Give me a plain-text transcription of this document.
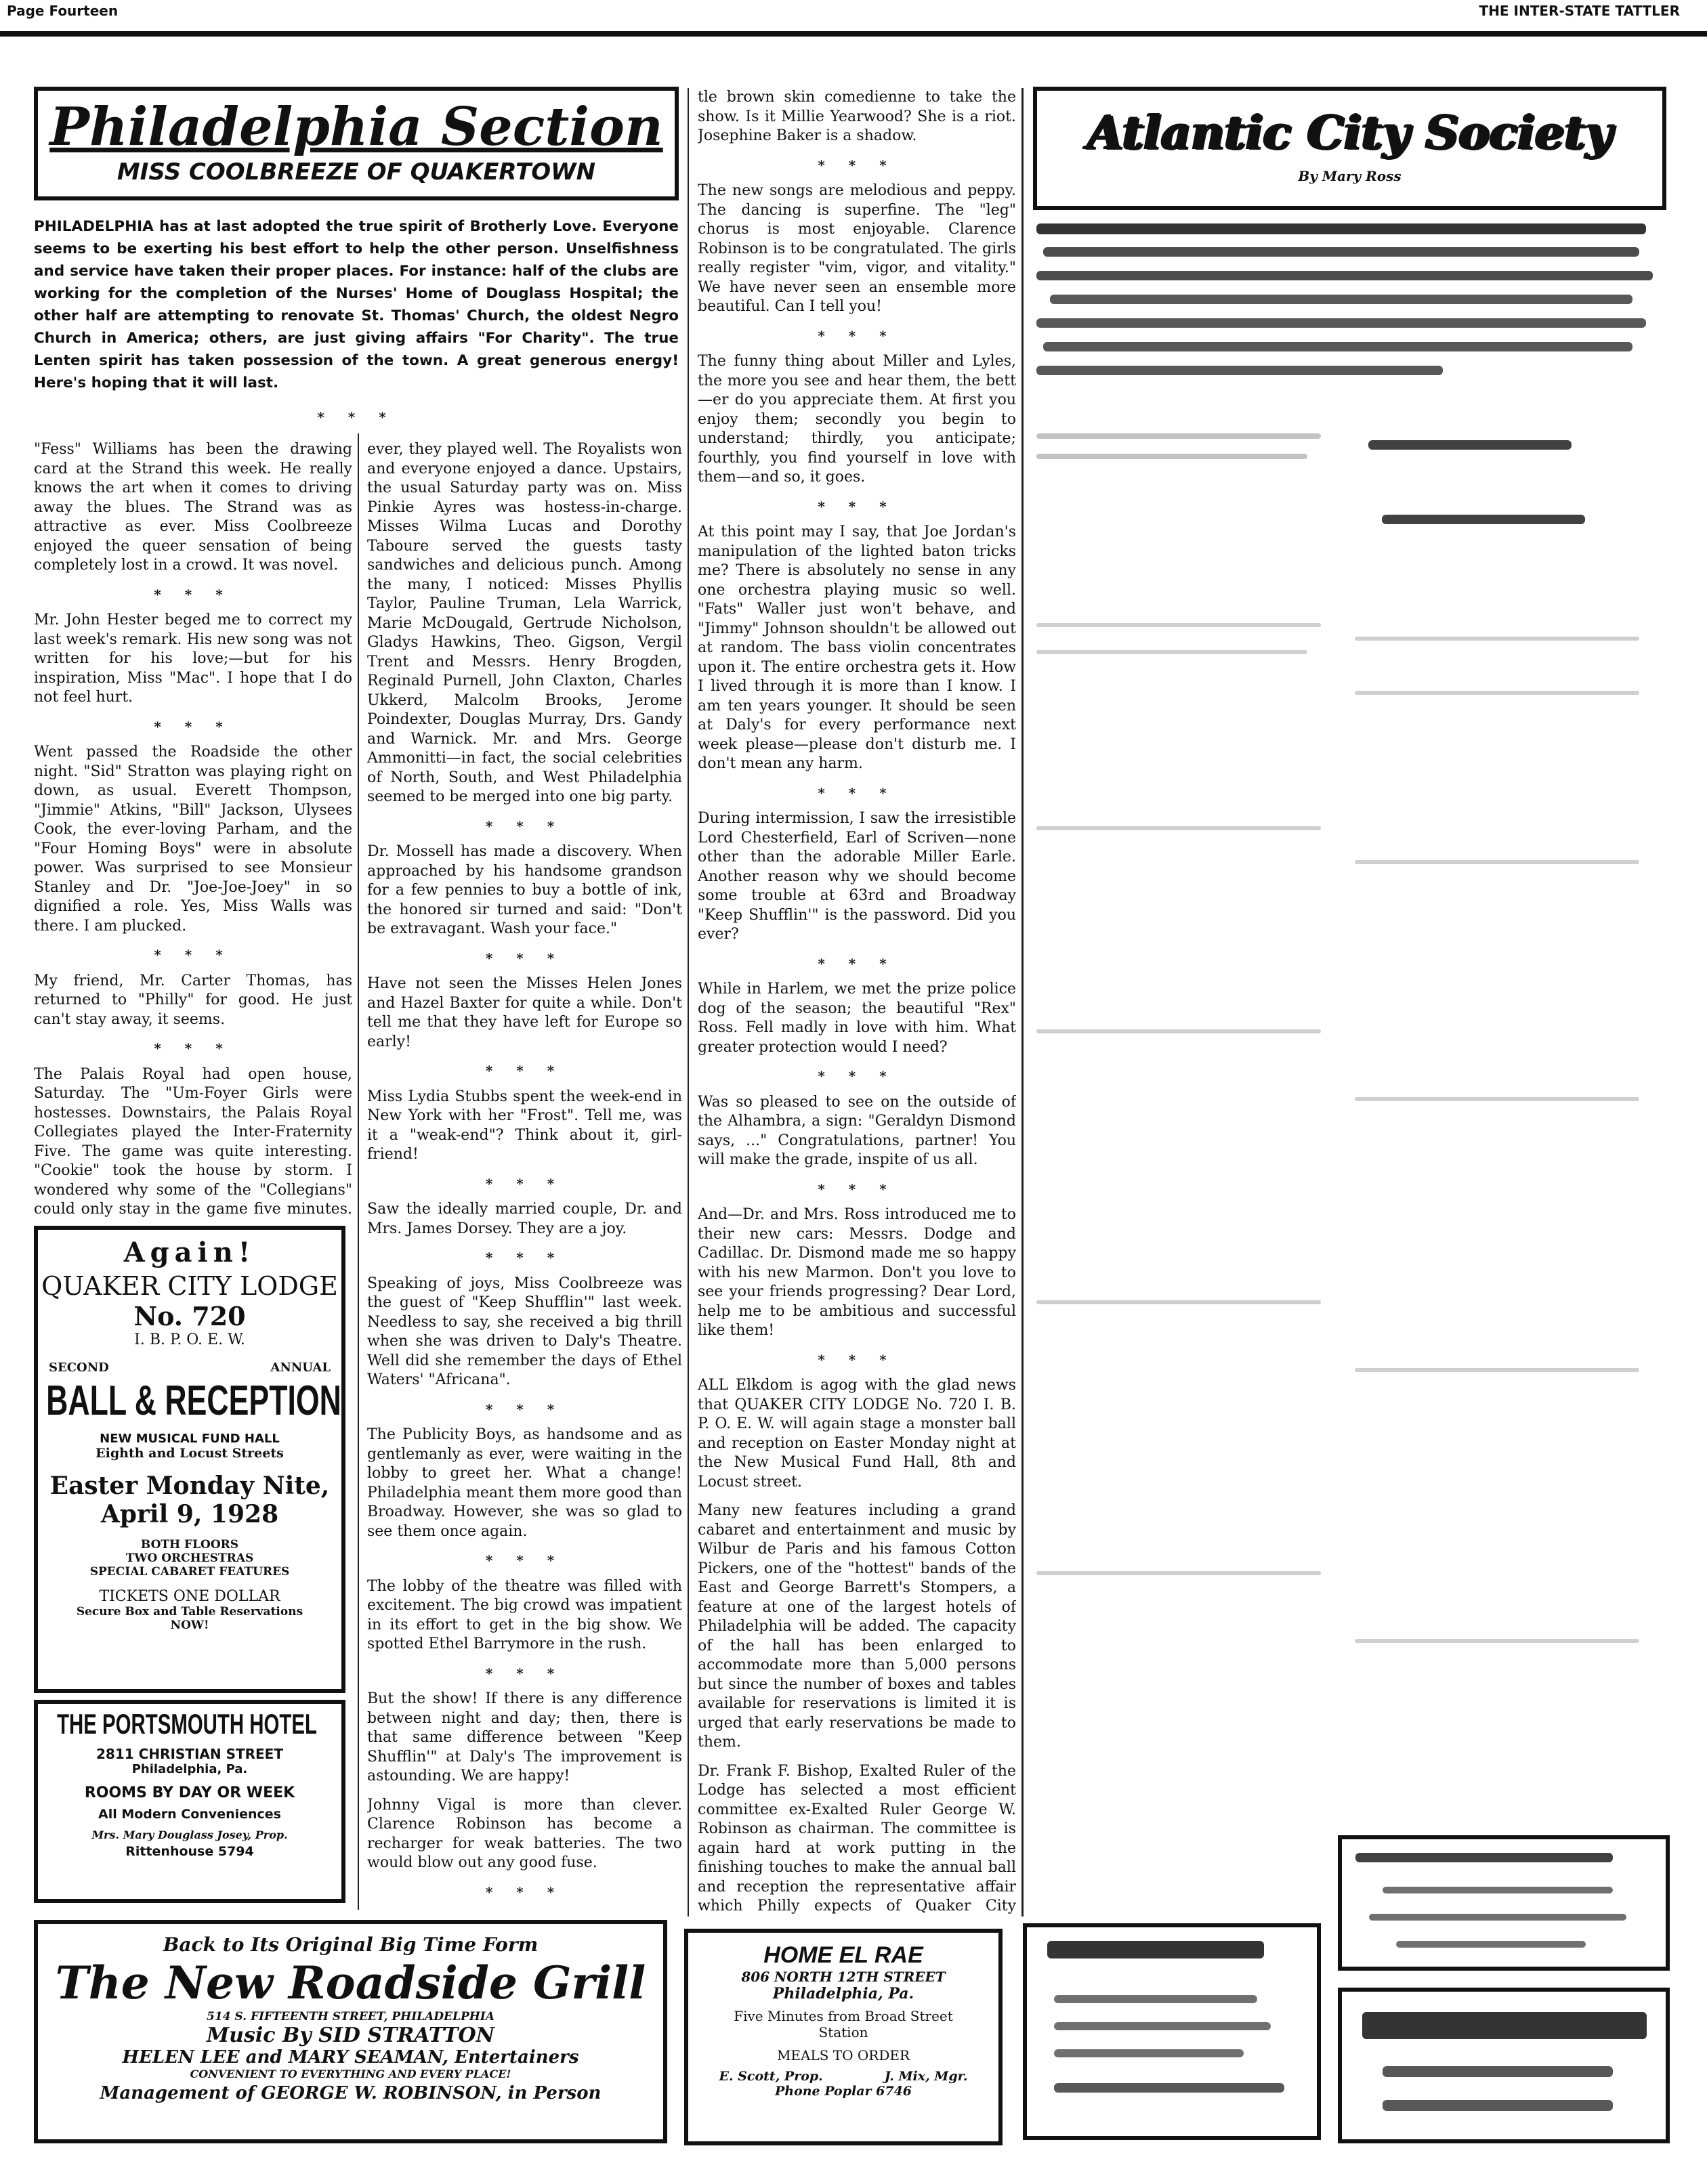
Page Fourteen	THE INTER-STATE TATTLER
Philadelphia Section
MISS COOLBREEZE OF QUAKERTOWN
PHILADELPHIA has at last adopted the true spirit of Brotherly Love. Everyone seems to be exerting his best effort to help the other person. Unselfishness and service have taken their proper places. For instance: half of the clubs are working for the completion of the Nurses' Home of Douglass Hospital; the other half are attempting to renovate St. Thomas' Church, the oldest Negro Church in America; others, are just giving affairs "For Charity". The true Lenten spirit has taken possession of the town. A great generous energy! Here's hoping that it will last.
* * *

"Fess" Williams has been the drawing card at the Strand this week. He really knows the art when it comes to driving away the blues. The Strand was as attractive as ever. Miss Coolbreeze enjoyed the queer sensation of being completely lost in a crowd. It was novel.

* * *

Mr. John Hester beged me to correct my last week's remark. His new song was not written for his love;—but for his inspiration, Miss "Mac". I hope that I do not feel hurt.

* * *

Went passed the Roadside the other night. "Sid" Stratton was playing right on down, as usual. Everett Thompson, "Jimmie" Atkins, "Bill" Jackson, Ulysees Cook, the ever-loving Parham, and the "Four Homing Boys" were in absolute power. Was surprised to see Monsieur Stanley and Dr. "Joe-Joe-Joey" in so dignified a role. Yes, Miss Walls was there. I am plucked.

* * *

My friend, Mr. Carter Thomas, has returned to "Philly" for good. He just can't stay away, it seems.

* * *

The Palais Royal had open house, Saturday. The "Um-Foyer Girls were hostesses. Downstairs, the Palais Royal Collegiates played the Inter-Fraternity Five. The game was quite interesting. "Cookie" took the house by storm. I wondered why some of the "Collegians" could only stay in the game five minutes.

ever, they played well. The Royalists won and everyone enjoyed a dance. Upstairs, the usual Saturday party was on. Miss Pinkie Ayres was hostess-in-charge. Misses Wilma Lucas and Dorothy Taboure served the guests tasty sandwiches and delicious punch. Among the many, I noticed: Misses Phyllis Taylor, Pauline Truman, Lela Warrick, Marie McDougald, Gertrude Nicholson, Gladys Hawkins, Theo. Gigson, Vergil Trent and Messrs. Henry Brogden, Reginald Purnell, John Claxton, Charles Ukkerd, Malcolm Brooks, Jerome Poindexter, Douglas Murray, Drs. Gandy and Warnick. Mr. and Mrs. George Ammonitti—in fact, the social celebrities of North, South, and West Philadelphia seemed to be merged into one big party.

* * *

Dr. Mossell has made a discovery. When approached by his handsome grandson for a few pennies to buy a bottle of ink, the honored sir turned and said: "Don't be extravagant. Wash your face."

* * *

Have not seen the Misses Helen Jones and Hazel Baxter for quite a while. Don't tell me that they have left for Europe so early!

* * *

Miss Lydia Stubbs spent the week-end in New York with her "Frost". Tell me, was it a "weak-end"? Think about it, girl-friend!

* * *

Saw the ideally married couple, Dr. and Mrs. James Dorsey. They are a joy.

* * *

Speaking of joys, Miss Coolbreeze was the guest of "Keep Shufflin'" last week. Needless to say, she received a big thrill when she was driven to Daly's Theatre. Well did she remember the days of Ethel Waters' "Africana".

* * *

The Publicity Boys, as handsome and as gentlemanly as ever, were waiting in the lobby to greet her. What a change! Philadelphia meant them more good than Broadway. However, she was so glad to see them once again.

* * *

The lobby of the theatre was filled with excitement. The big crowd was impatient in its effort to get in the big show. We spotted Ethel Barrymore in the rush.

* * *

But the show! If there is any difference between night and day; then, there is that same difference between "Keep Shufflin'" at Daly's The improvement is astounding. We are happy!

Johnny Vigal is more than clever. Clarence Robinson has become a recharger for weak batteries. The two would blow out any good fuse.

* * *

tle brown skin comedienne to take the show. Is it Millie Yearwood? She is a riot. Josephine Baker is a shadow.

* * *

The new songs are melodious and peppy. The dancing is superfine. The "leg" chorus is most enjoyable. Clarence Robinson is to be congratulated. The girls really register "vim, vigor, and vitality." We have never seen an ensemble more beautiful. Can I tell you!

* * *

The funny thing about Miller and Lyles, the more you see and hear them, the bett—er do you appreciate them. At first you enjoy them; secondly you begin to understand; thirdly, you anticipate; fourthly, you find yourself in love with them—and so, it goes.

* * *

At this point may I say, that Joe Jordan's manipulation of the lighted baton tricks me? There is absolutely no sense in any one orchestra playing music so well. "Fats" Waller just won't behave, and "Jimmy" Johnson shouldn't be allowed out at random. The bass violin concentrates upon it. The entire orchestra gets it. How I lived through it is more than I know. I am ten years younger. It should be seen at Daly's for every performance next week please—please don't disturb me. I don't mean any harm.

* * *

During intermission, I saw the irresistible Lord Chesterfield, Earl of Scriven—none other than the adorable Miller Earle. Another reason why we should become some trouble at 63rd and Broadway "Keep Shufflin'" is the password. Did you ever?

* * *

While in Harlem, we met the prize police dog of the season; the beautiful "Rex" Ross. Fell madly in love with him. What greater protection would I need?

* * *

Was so pleased to see on the outside of the Alhambra, a sign: "Geraldyn Dismond says, ..." Congratulations, partner! You will make the grade, inspite of us all.

* * *

And—Dr. and Mrs. Ross introduced me to their new cars: Messrs. Dodge and Cadillac. Dr. Dismond made me so happy with his new Marmon. Don't you love to see your friends progressing? Dear Lord, help me to be ambitious and successful like them!

* * *

ALL Elkdom is agog with the glad news that QUAKER CITY LODGE No. 720 I. B. P. O. E. W. will again stage a monster ball and reception on Easter Monday night at the New Musical Fund Hall, 8th and Locust street.

Many new features including a grand cabaret and entertainment and music by Wilbur de Paris and his famous Cotton Pickers, one of the "hottest" bands of the East and George Barrett's Stompers, a feature at one of the largest hotels of Philadelphia will be added. The capacity of the hall has been enlarged to accommodate more than 5,000 persons but since the number of boxes and tables available for reservations is limited it is urged that early reservations be made to them.

Dr. Frank F. Bishop, Exalted Ruler of the Lodge has selected a most efficient committee ex-Exalted Ruler George W. Robinson as chairman. The committee is again hard at work putting in the finishing touches to make the annual ball and reception the representative affair which Philly expects of Quaker City

Again!
QUAKER CITY LODGE
No. 720
I. B. P. O. E. W.
SECOND	ANNUAL
BALL & RECEPTION
NEW MUSICAL FUND HALL
Eighth and Locust Streets
Easter Monday Nite,
April 9, 1928
BOTH FLOORS
TWO ORCHESTRAS
SPECIAL CABARET FEATURES
TICKETS ONE DOLLAR
Secure Box and Table Reservations
NOW!
THE PORTSMOUTH HOTEL
2811 CHRISTIAN STREET
Philadelphia, Pa.
ROOMS BY DAY OR WEEK
All Modern Conveniences
Mrs. Mary Douglass Josey, Prop.
Rittenhouse 5794
Back to Its Original Big Time Form
The New Roadside Grill
514 S. FIFTEENTH STREET, PHILADELPHIA
Music By SID STRATTON
HELEN LEE and MARY SEAMAN, Entertainers
CONVENIENT TO EVERYTHING AND EVERY PLACE!
Management of GEORGE W. ROBINSON, in Person
HOME EL RAE
806 NORTH 12TH STREET
Philadelphia, Pa.
Five Minutes from Broad Street
Station
MEALS TO ORDER
E. Scott, Prop.	J. Mix, Mgr.
Phone Poplar 6746
Atlantic City Society
By Mary Ross
